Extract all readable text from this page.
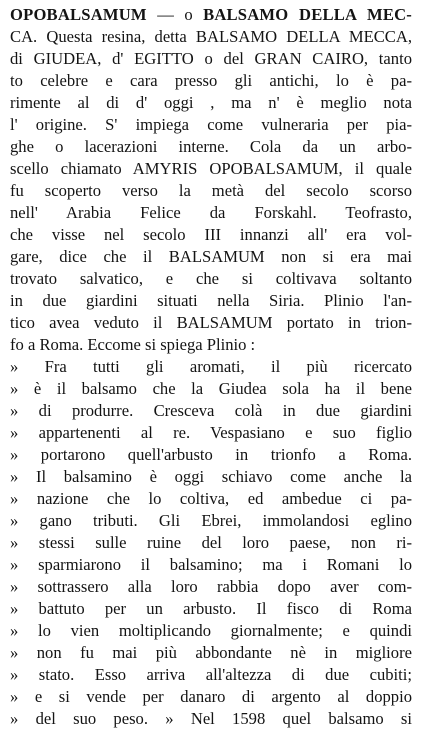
OPOBALSAMUM — o BALSAMO DELLA MEC-
CA. Questa resina, detta BALSAMO DELLA MECCA,
di GIUDEA, d' EGITTO o del GRAN CAIRO, tanto
to celebre e cara presso gli antichi, lo è pa-
rimente al di d' oggi , ma n' è meglio nota
l' origine. S' impiega come vulneraria per pia-
ghe o lacerazioni interne. Cola da un arbo-
scello chiamato AMYRIS OPOBALSAMUM, il quale
fu scoperto verso la metà del secolo scorso
nell' Arabia Felice da Forskahl. Teofrasto,
che visse nel secolo III innanzi all' era vol-
gare, dice che il BALSAMUM non si era mai
trovato salvatico, e che si coltivava soltanto
in due giardini situati nella Siria. Plinio l'an-
tico avea veduto il BALSAMUM portato in trion-
fo a Roma. Eccome si spiega Plinio :
» Fra tutti gli aromati, il più ricercato
» è il balsamo che la Giudea sola ha il bene
» di produrre. Cresceva colà in due giardini
» appartenenti al re. Vespasiano e suo figlio
» portarono quell'arbusto in trionfo a Roma.
» Il balsamino è oggi schiavo come anche la
» nazione che lo coltiva, ed ambedue ci pa-
» gano tributi. Gli Ebrei, immolandosi eglino
» stessi sulle ruine del loro paese, non ri-
» sparmiarono il balsamino; ma i Romani lo
» sottrassero alla loro rabbia dopo aver com-
» battuto per un arbusto. Il fisco di Roma
» lo vien moltiplicando giornalmente; e quindi
» non fu mai più abbondante nè in migliore
» stato. Esso arriva all'altezza di due cubiti;
» e si vende per danaro di argento al doppio
» del suo peso. » Nel 1598 quel balsamo si
